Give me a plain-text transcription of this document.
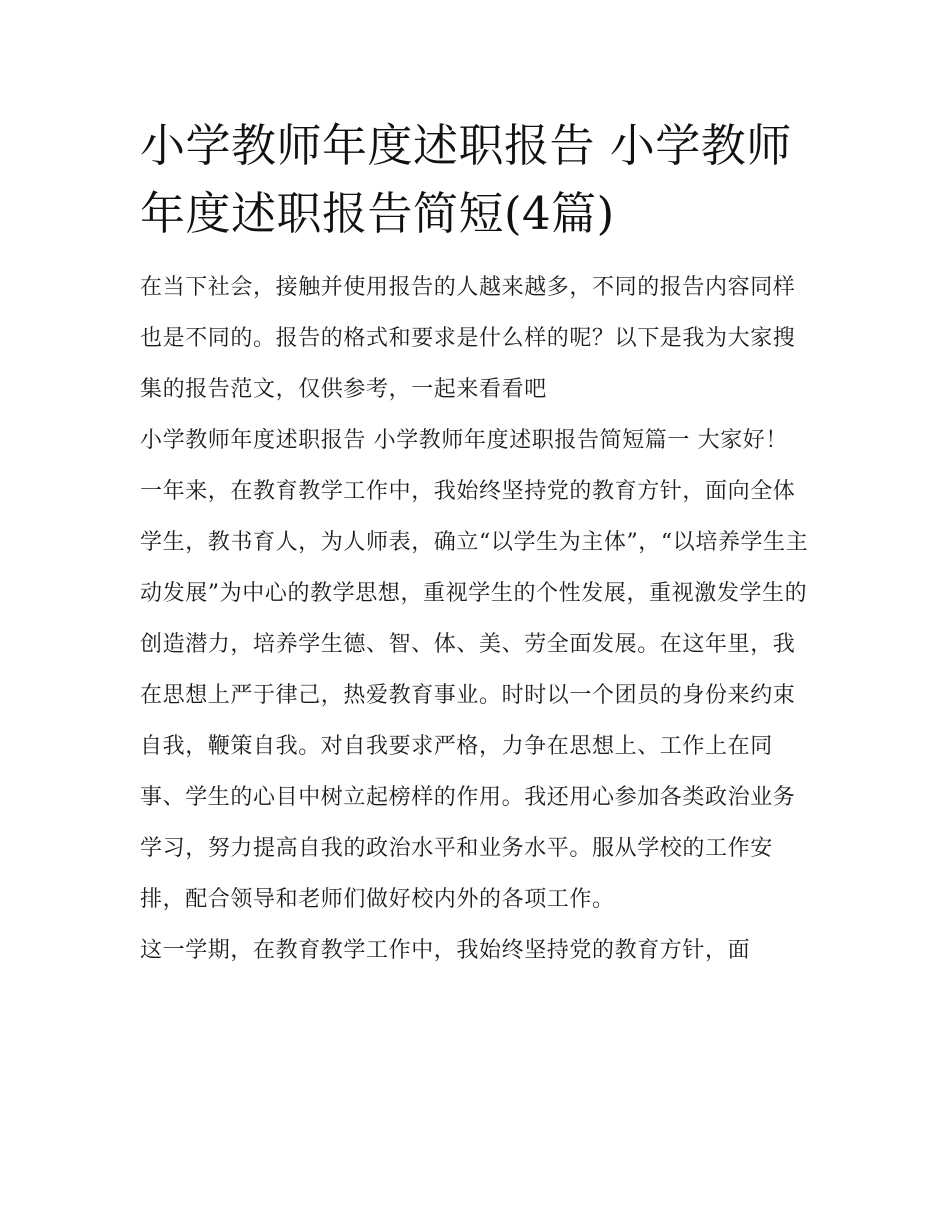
小学教师年度述职报告 小学教师年度述职报告简短(4篇)

在当下社会，接触并使用报告的人越来越多，不同的报告内容同样也是不同的。报告的格式和要求是什么样的呢？以下是我为大家搜集的报告范文，仅供参考，一起来看看吧

小学教师年度述职报告 小学教师年度述职报告简短篇一 大家好！

一年来，在教育教学工作中，我始终坚持党的教育方针，面向全体学生，教书育人，为人师表，确立“以学生为主体”，“以培养学生主动发展”为中心的教学思想，重视学生的个性发展，重视激发学生的创造潜力，培养学生德、智、体、美、劳全面发展。在这年里，我在思想上严于律己，热爱教育事业。时时以一个团员的身份来约束自我，鞭策自我。对自我要求严格，力争在思想上、工作上在同事、学生的心目中树立起榜样的作用。我还用心参加各类政治业务学习，努力提高自我的政治水平和业务水平。服从学校的工作安排，配合领导和老师们做好校内外的各项工作。

这一学期，在教育教学工作中，我始终坚持党的教育方针，面
